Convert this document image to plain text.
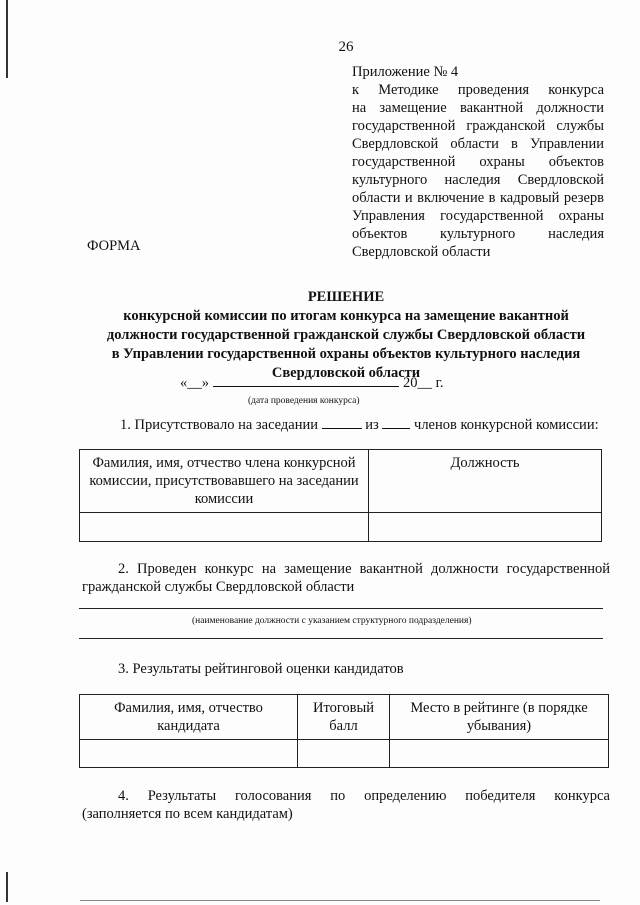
26
Приложение № 4
к Методике проведения конкурса
на замещение вакантной должности
государственной гражданской службы
Свердловской области в Управлении
государственной охраны объектов
культурного наследия Свердловской
области и включение в кадровый резерв
Управления государственной охраны
объектов культурного наследия
Свердловской области
ФОРМА
РЕШЕНИЕ
конкурсной комиссии по итогам конкурса на замещение вакантной
должности государственной гражданской службы Свердловской области
в Управлении государственной охраны объектов культурного наследия
Свердловской области
«__»	20__ г.
(дата проведения конкурса)
1. Присутствовало на заседании	из членов конкурсной комиссии:
Фамилия, имя, отчество члена конкурсной комиссии, присутствовавшего на заседании комиссии	Должность

2. Проведен конкурс на замещение вакантной должности государственной
гражданской службы Свердловской области
(наименование должности с указанием структурного подразделения)
3. Результаты рейтинговой оценки кандидатов
Фамилия, имя, отчество кандидата	Итоговый балл	Место в рейтинге (в порядке убывания)

4. Результаты голосования по определению победителя конкурса
(заполняется по всем кандидатам)
